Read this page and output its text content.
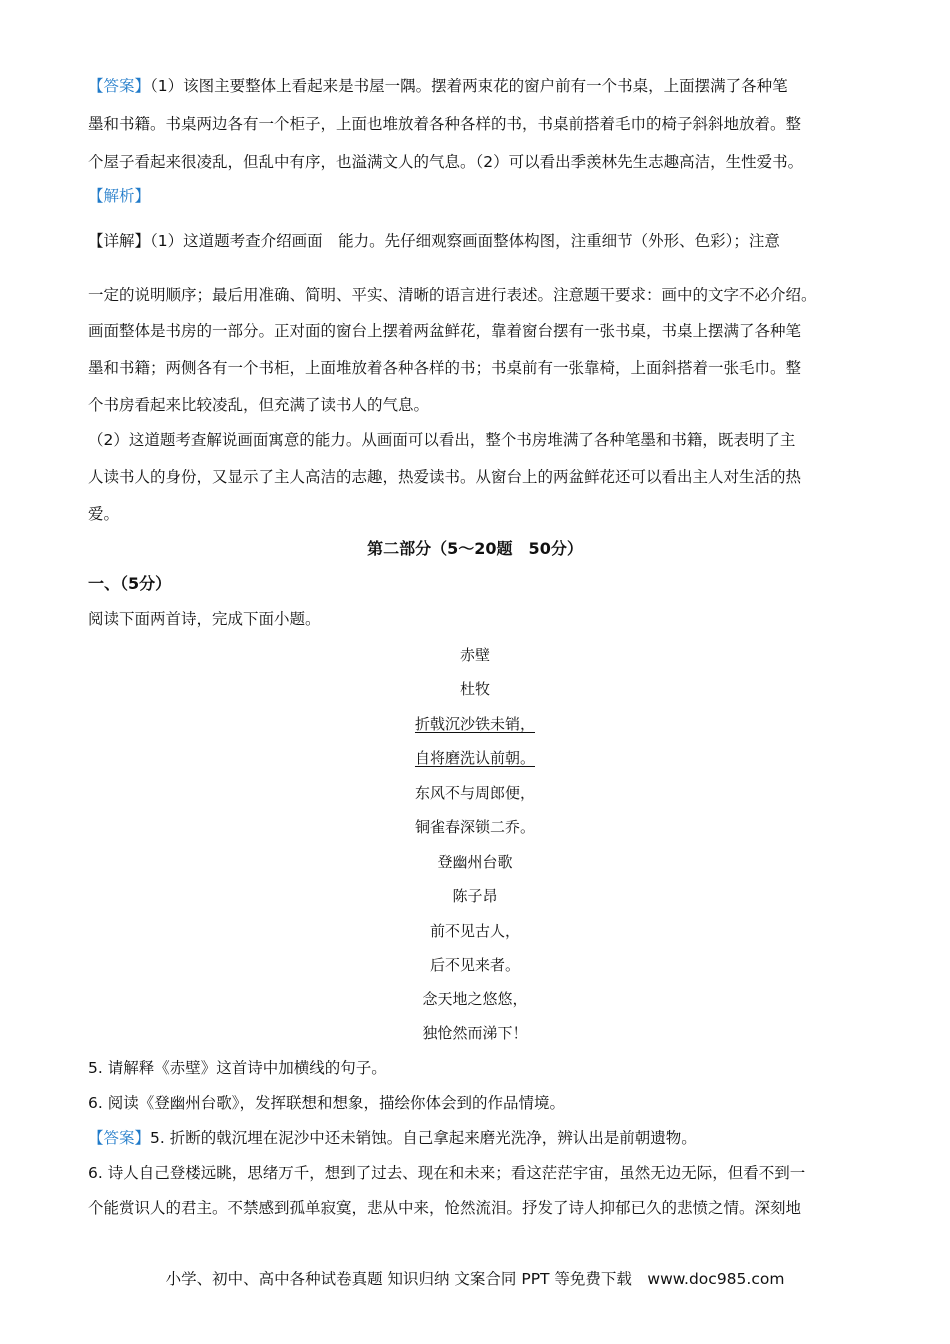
【答案】（1）该图主要整体上看起来是书屋一隅。摆着两束花的窗户前有一个书桌，上面摆满了各种笔
墨和书籍。书桌两边各有一个柜子，上面也堆放着各种各样的书，书桌前搭着毛巾的椅子斜斜地放着。整
个屋子看起来很凌乱，但乱中有序，也溢满文人的气息。（2）可以看出季羡林先生志趣高洁，生性爱书。
【解析】
【详解】（1）这道题考查介绍画面　能力。先仔细观察画面整体构图，注重细节（外形、色彩）；注意
一定的说明顺序；最后用准确、简明、平实、清晰的语言进行表述。注意题干要求：画中的文字不必介绍。
画面整体是书房的一部分。正对面的窗台上摆着两盆鲜花，靠着窗台摆有一张书桌，书桌上摆满了各种笔
墨和书籍；两侧各有一个书柜，上面堆放着各种各样的书；书桌前有一张靠椅，上面斜搭着一张毛巾。整
个书房看起来比较凌乱，但充满了读书人的气息。
（2）这道题考查解说画面寓意的能力。从画面可以看出，整个书房堆满了各种笔墨和书籍，既表明了主
人读书人的身份，又显示了主人高洁的志趣，热爱读书。从窗台上的两盆鲜花还可以看出主人对生活的热
爱。
第二部分（5～20题　50分）
一、（5分）
阅读下面两首诗，完成下面小题。
赤壁
杜牧
折戟沉沙铁未销，
自将磨洗认前朝。
东风不与周郎便，
铜雀春深锁二乔。
登幽州台歌
陈子昂
前不见古人，
后不见来者。
念天地之悠悠，
独怆然而涕下！
5. 请解释《赤壁》这首诗中加横线的句子。
6. 阅读《登幽州台歌》，发挥联想和想象，描绘你体会到的作品情境。
【答案】5. 折断的戟沉埋在泥沙中还未销蚀。自己拿起来磨光洗净，辨认出是前朝遗物。
6. 诗人自己登楼远眺，思绪万千，想到了过去、现在和未来；看这茫茫宇宙，虽然无边无际，但看不到一
个能赏识人的君主。不禁感到孤单寂寞，悲从中来，怆然流泪。抒发了诗人抑郁已久的悲愤之情。深刻地
小学、初中、高中各种试卷真题 知识归纳 文案合同 PPT 等免费下载　www.doc985.com
